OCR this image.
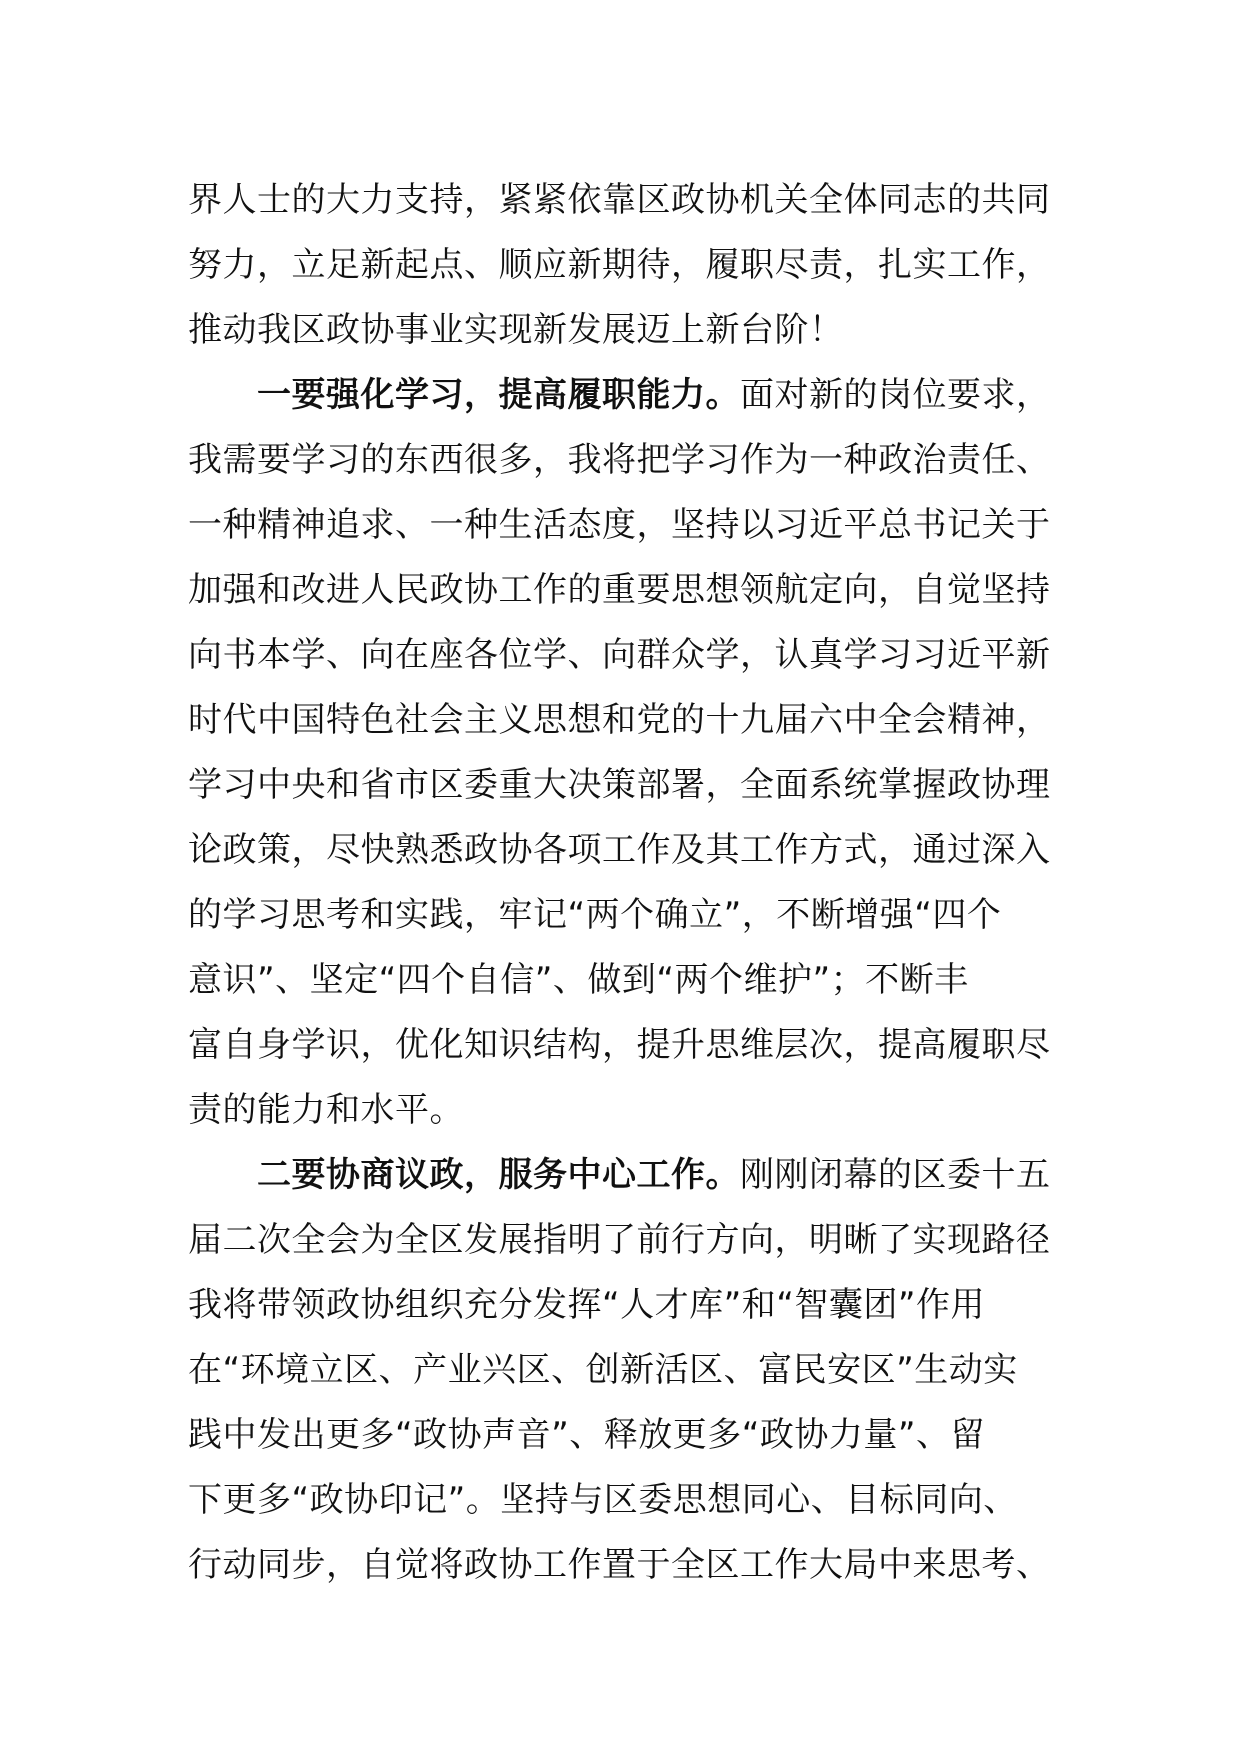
界人士的大力支持，紧紧依靠区政协机关全体同志的共同
努力，立足新起点、顺应新期待，履职尽责，扎实工作，
推动我区政协事业实现新发展迈上新台阶！
　　一要强化学习，提高履职能力。面对新的岗位要求，
我需要学习的东西很多，我将把学习作为一种政治责任、
一种精神追求、一种生活态度，坚持以习近平总书记关于
加强和改进人民政协工作的重要思想领航定向，自觉坚持
向书本学、向在座各位学、向群众学，认真学习习近平新
时代中国特色社会主义思想和党的十九届六中全会精神，
学习中央和省市区委重大决策部署，全面系统掌握政协理
论政策，尽快熟悉政协各项工作及其工作方式，通过深入
的学习思考和实践，牢记“两个确立”，不断增强“四个
意识”、坚定“四个自信”、做到“两个维护”；不断丰
富自身学识，优化知识结构，提升思维层次，提高履职尽
责的能力和水平。
　　二要协商议政，服务中心工作。刚刚闭幕的区委十五
届二次全会为全区发展指明了前行方向，明晰了实现路径
我将带领政协组织充分发挥“人才库”和“智囊团”作用
在“环境立区、产业兴区、创新活区、富民安区”生动实
践中发出更多“政协声音”、释放更多“政协力量”、留
下更多“政协印记”。坚持与区委思想同心、目标同向、
行动同步，自觉将政协工作置于全区工作大局中来思考、
